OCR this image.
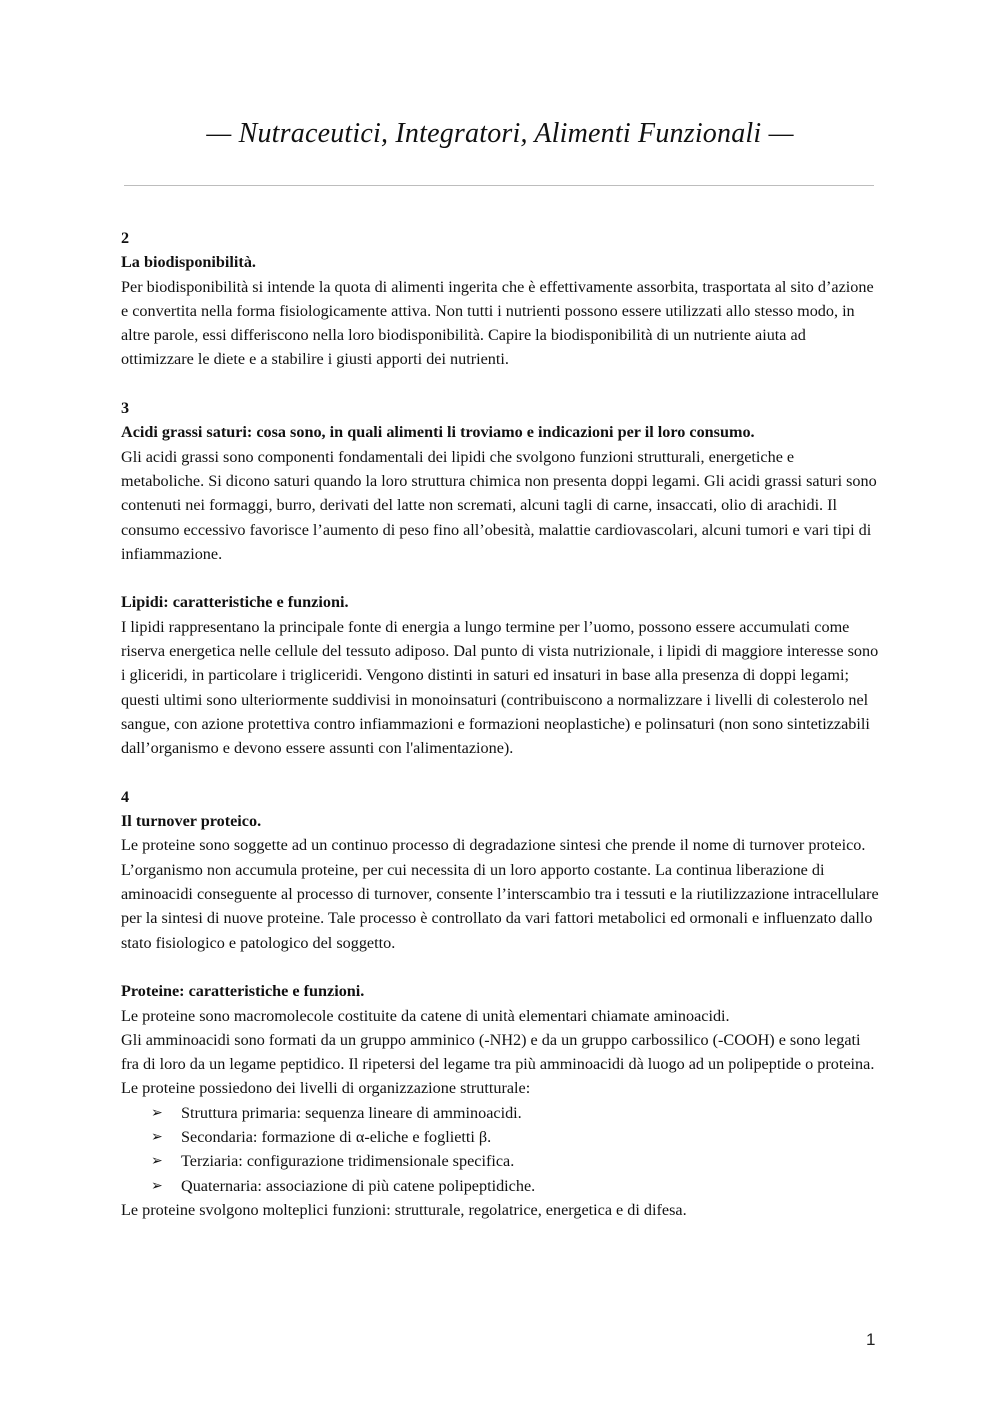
— Nutraceutici, Integratori, Alimenti Funzionali —
2
La biodisponibilità.

Per biodisponibilità si intende la quota di alimenti ingerita che è effettivamente assorbita, trasportata al sito d’azione e convertita nella forma fisiologicamente attiva. Non tutti i nutrienti possono essere utilizzati allo stesso modo, in altre parole, essi differiscono nella loro biodisponibilità. Capire la biodisponibilità di un nutriente aiuta ad ottimizzare le diete e a stabilire i giusti apporti dei nutrienti.

3
Acidi grassi saturi: cosa sono, in quali alimenti li troviamo e indicazioni per il loro consumo.

Gli acidi grassi sono componenti fondamentali dei lipidi che svolgono funzioni strutturali, energetiche e metaboliche. Si dicono saturi quando la loro struttura chimica non presenta doppi legami. Gli acidi grassi saturi sono contenuti nei formaggi, burro, derivati del latte non scremati, alcuni tagli di carne, insaccati, olio di arachidi. Il consumo eccessivo favorisce l’aumento di peso fino all’obesità, malattie cardiovascolari, alcuni tumori e vari tipi di infiammazione.

Lipidi: caratteristiche e funzioni.

I lipidi rappresentano la principale fonte di energia a lungo termine per l’uomo, possono essere accumulati come riserva energetica nelle cellule del tessuto adiposo. Dal punto di vista nutrizionale, i lipidi di maggiore interesse sono i gliceridi, in particolare i trigliceridi. Vengono distinti in saturi ed insaturi in base alla presenza di doppi legami; questi ultimi sono ulteriormente suddivisi in monoinsaturi (contribuiscono a normalizzare i livelli di colesterolo nel sangue, con azione protettiva contro infiammazioni e formazioni neoplastiche) e polinsaturi (non sono sintetizzabili dall’organismo e devono essere assunti con l'alimentazione).

4
Il turnover proteico.

Le proteine sono soggette ad un continuo processo di degradazione sintesi che prende il nome di turnover proteico. L’organismo non accumula proteine, per cui necessita di un loro apporto costante. La continua liberazione di aminoacidi conseguente al processo di turnover, consente l’interscambio tra i tessuti e la riutilizzazione intracellulare per la sintesi di nuove proteine. Tale processo è controllato da vari fattori metabolici ed ormonali e influenzato dallo stato fisiologico e patologico del soggetto.

Proteine: caratteristiche e funzioni.

Le proteine sono macromolecole costituite da catene di unità elementari chiamate aminoacidi.

Gli amminoacidi sono formati da un gruppo amminico (-NH2) e da un gruppo carbossilico (-COOH) e sono legati fra di loro da un legame peptidico. Il ripetersi del legame tra più amminoacidi dà luogo ad un polipeptide o proteina. Le proteine possiedono dei livelli di organizzazione strutturale:

➢ Struttura primaria: sequenza lineare di amminoacidi.
➢ Secondaria: formazione di α-eliche e foglietti β.
➢ Terziaria: configurazione tridimensionale specifica.
➢ Quaternaria: associazione di più catene polipeptidiche.

Le proteine svolgono molteplici funzioni: strutturale, regolatrice, energetica e di difesa.

1
